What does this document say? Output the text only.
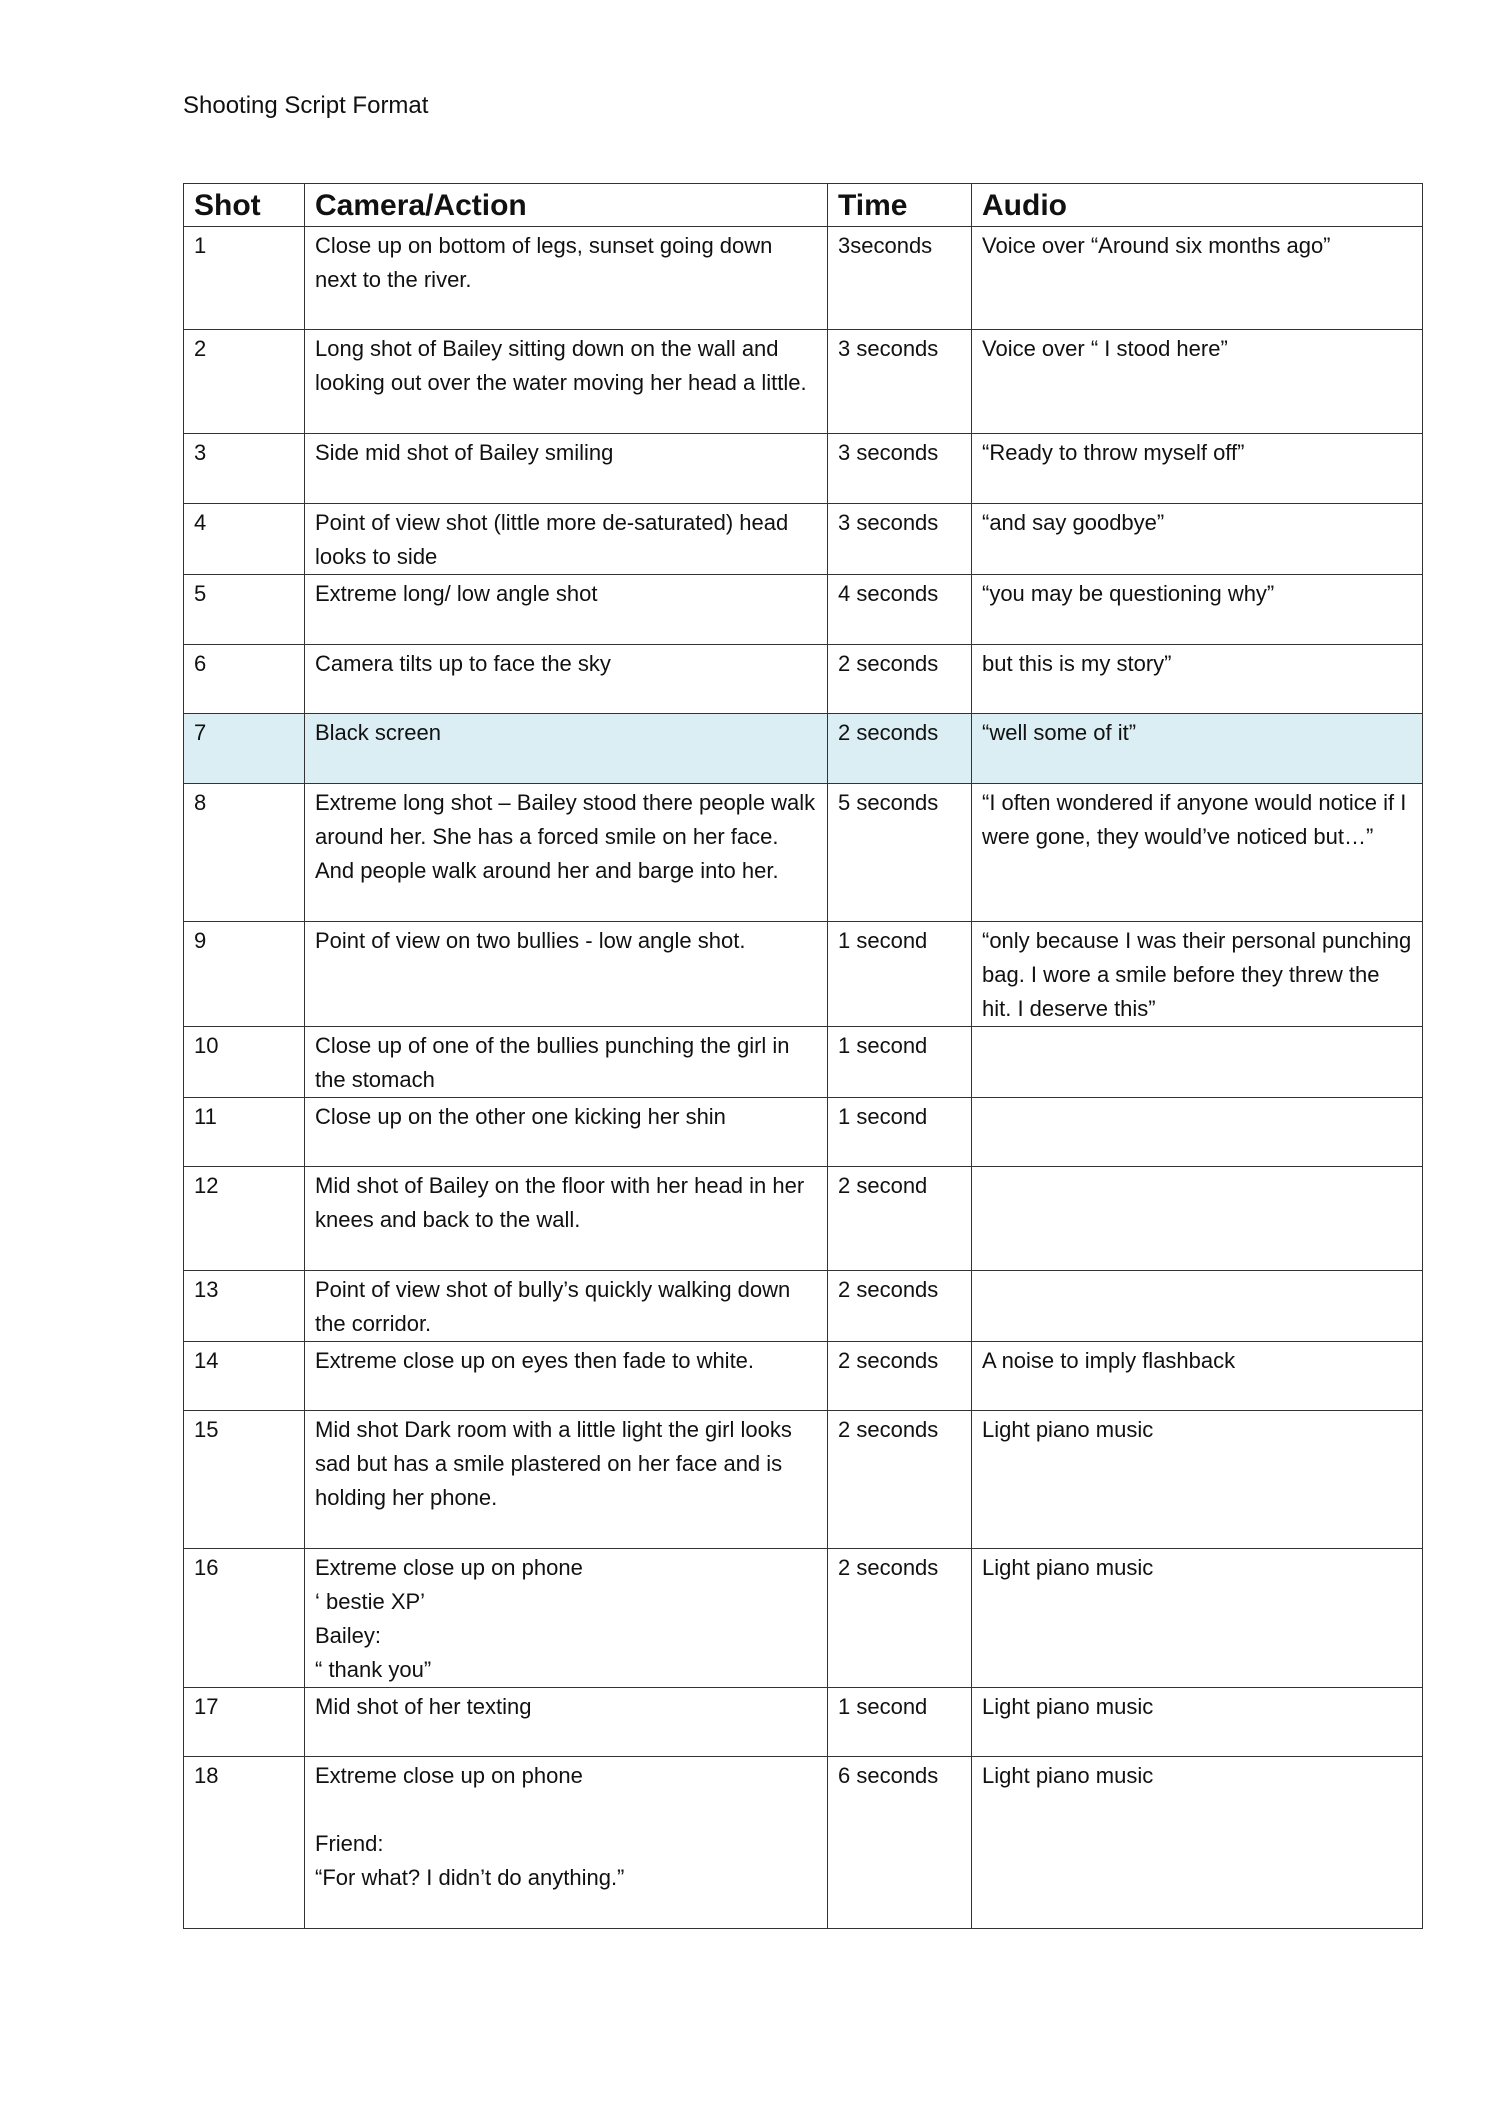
Shooting Script Format
Shot	Camera/Action	Time	Audio
1	Close up on bottom of legs, sunset going down next to the river.	3seconds	Voice over “Around six months ago”
2	Long shot of Bailey sitting down on the wall and looking out over the water moving her head a little.	3 seconds	Voice over “ I stood here”
3	Side mid shot of Bailey smiling	3 seconds	“Ready to throw myself off”
4	Point of view shot (little more de-saturated) head looks to side	3 seconds	“and say goodbye”
5	Extreme long/ low angle shot	4 seconds	“you may be questioning why”
6	Camera tilts up to face the sky	2 seconds	but this is my story”
7	Black screen	2 seconds	“well some of it”
8	Extreme long shot – Bailey stood there people walk around her. She has a forced smile on her face. And people walk around her and barge into her.	5 seconds	“I often wondered if anyone would notice if I were gone, they would’ve noticed but…”
9	Point of view on two bullies - low angle shot.	1 second	“only because I was their personal punching bag. I wore a smile before they threw the hit. I deserve this”
10	Close up of one of the bullies punching the girl in the stomach	1 second	
11	Close up on the other one kicking her shin	1 second	
12	Mid shot of Bailey on the floor with her head in her knees and back to the wall.	2 second	
13	Point of view shot of bully’s quickly walking down the corridor.	2 seconds	
14	Extreme close up on eyes then fade to white.	2 seconds	A noise to imply flashback
15	Mid shot Dark room with a little light the girl looks sad but has a smile plastered on her face and is holding her phone.	2 seconds	Light piano music
16	Extreme close up on phone
‘ bestie XP’
Bailey:
“ thank you”	2 seconds	Light piano music
17	Mid shot of her texting	1 second	Light piano music
18	Extreme close up on phone

Friend:
“For what? I didn’t do anything.”	6 seconds	Light piano music
